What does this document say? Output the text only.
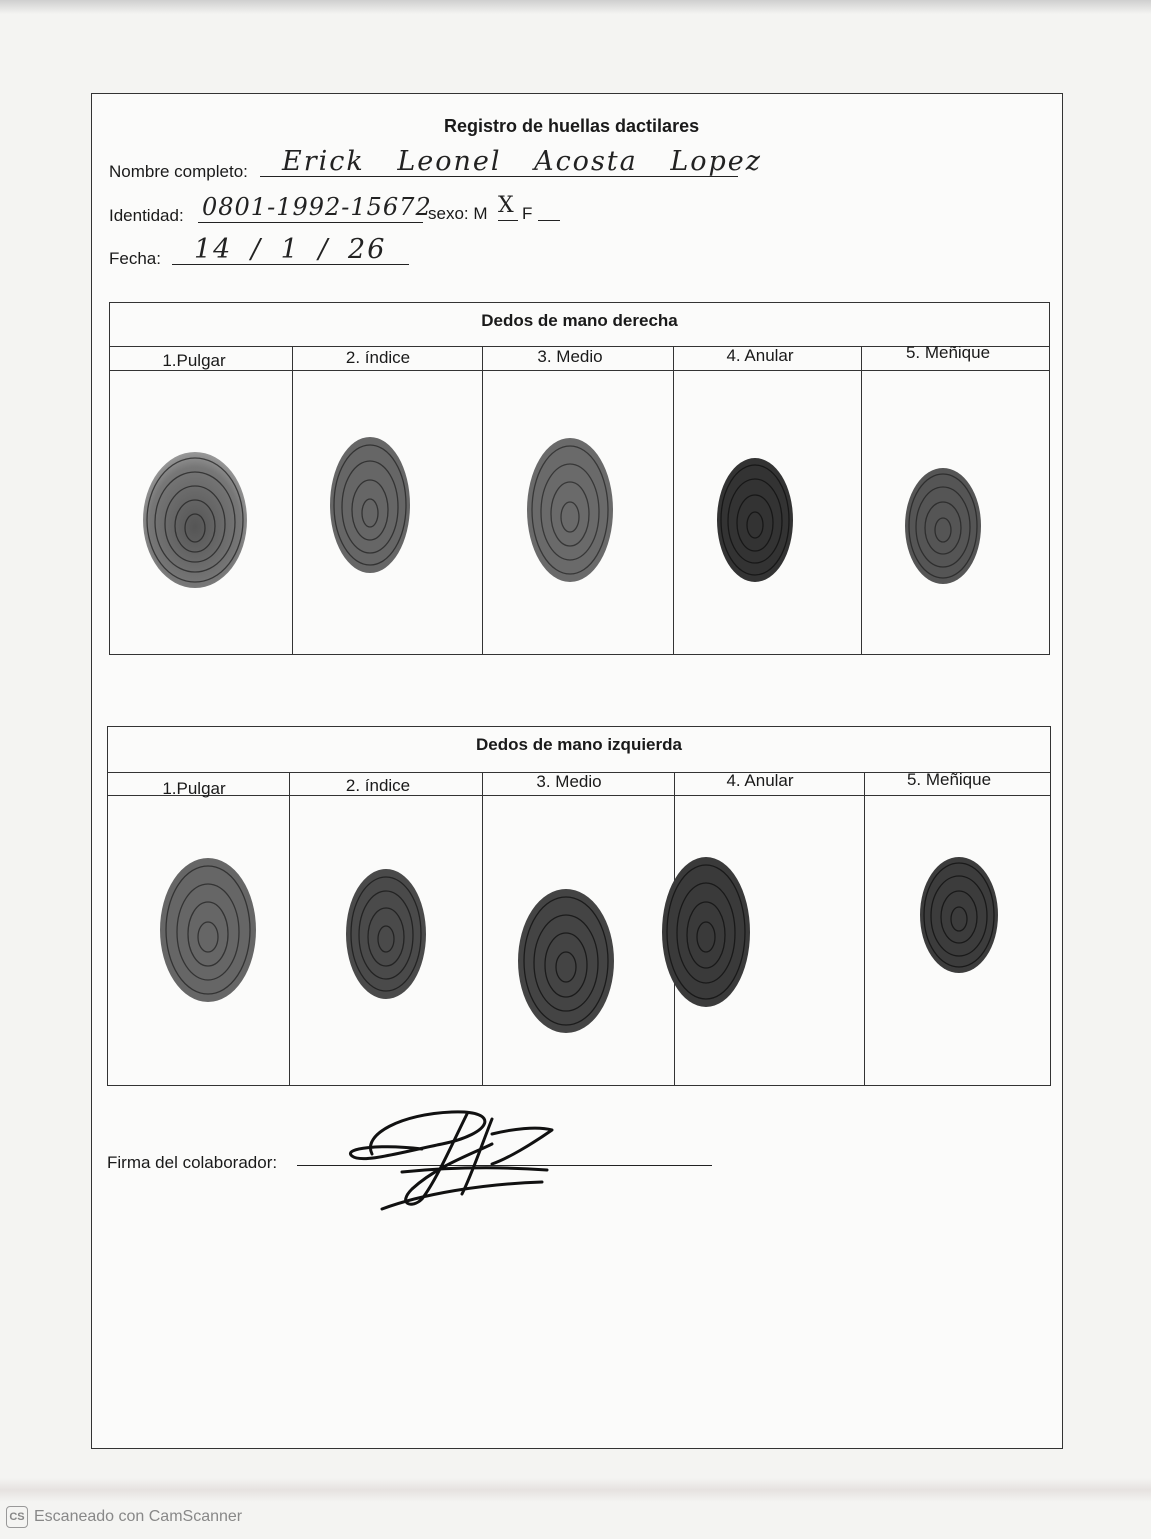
Registro de huellas dactilares
Nombre completo: Erick Leonel Acosta Lopez
Identidad: 0801-1992-15672
sexo: M X F
Fecha: 14 / 1 / 26
Dedos de mano derecha
1.Pulgar	2. índice	3. Medio	4. Anular	5. Meñique
Dedos de mano izquierda
1.Pulgar	2. índice	3. Medio	4. Anular	5. Meñique
Firma del colaborador:
CS Escaneado con CamScanner
